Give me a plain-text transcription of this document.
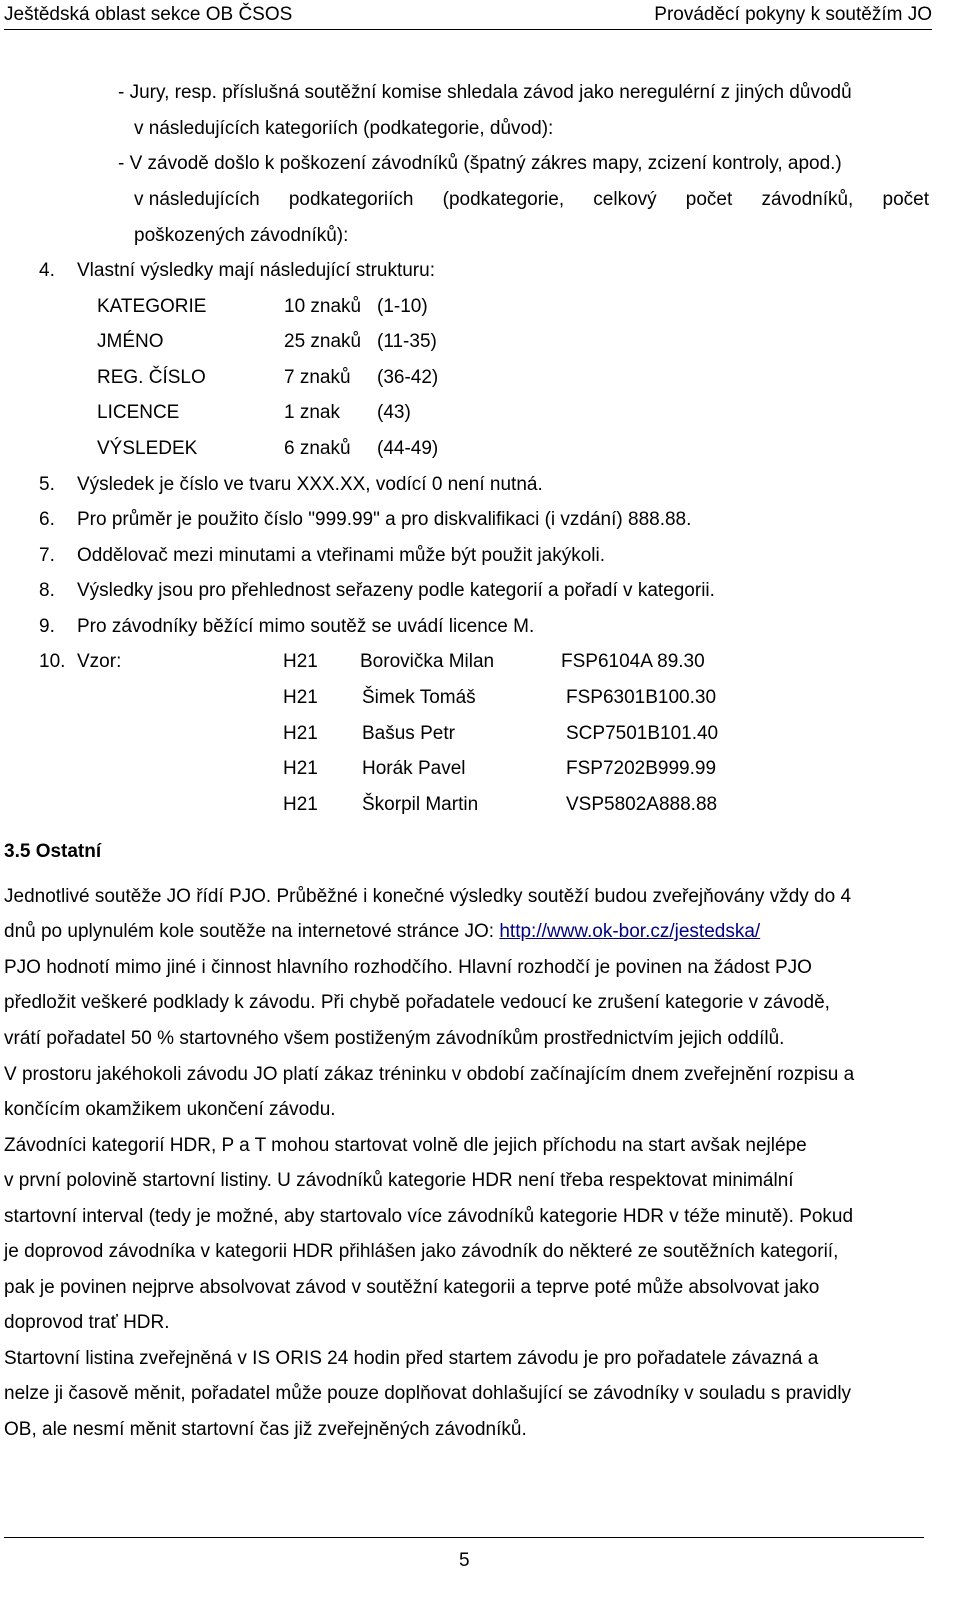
Ještědská oblast sekce OB ČSOS	Prováděcí pokyny k soutěžím JO
- Jury, resp. příslušná soutěžní komise shledala závod jako neregulérní z jiných důvodů
v následujících kategoriích (podkategorie, důvod):
- V závodě došlo k poškození závodníků (špatný zákres mapy, zcizení kontroly, apod.)
v následujících podkategoriích (podkategorie, celkový počet závodníků, počet
poškozených závodníků):
4. Vlastní výsledky mají následující strukturu:
KATEGORIE	10 znaků (1-10)
JMÉNO	25 znaků (11-35)
REG. ČÍSLO	7 znaků (36-42)
LICENCE	1 znak (43)
VÝSLEDEK	6 znaků (44-49)
5. Výsledek je číslo ve tvaru XXX.XX, vodící 0 není nutná.
6. Pro průměr je použito číslo "999.99" a pro diskvalifikaci (i vzdání) 888.88.
7. Oddělovač mezi minutami a vteřinami může být použit jakýkoli.
8. Výsledky jsou pro přehlednost seřazeny podle kategorií a pořadí v kategorii.
9. Pro závodníky běžící mimo soutěž se uvádí licence M.
10. Vzor:	H21 Borovička Milan	FSP6104A 89.30
H21 Šimek Tomáš	FSP6301B100.30
H21 Bašus Petr	SCP7501B101.40
H21 Horák Pavel	FSP7202B999.99
H21 Škorpil Martin	VSP5802A888.88
3.5 Ostatní
Jednotlivé soutěže JO řídí PJO. Průběžné i konečné výsledky soutěží budou zveřejňovány vždy do 4
dnů po uplynulém kole soutěže na internetové stránce JO: http://www.ok-bor.cz/jestedska/
PJO hodnotí mimo jiné i činnost hlavního rozhodčího. Hlavní rozhodčí je povinen na žádost PJO
předložit veškeré podklady k závodu. Při chybě pořadatele vedoucí ke zrušení kategorie v závodě,
vrátí pořadatel 50 % startovného všem postiženým závodníkům prostřednictvím jejich oddílů.
V prostoru jakéhokoli závodu JO platí zákaz tréninku v období začínajícím dnem zveřejnění rozpisu a
končícím okamžikem ukončení závodu.
Závodníci kategorií HDR, P a T mohou startovat volně dle jejich příchodu na start avšak nejlépe
v první polovině startovní listiny. U závodníků kategorie HDR není třeba respektovat minimální
startovní interval (tedy je možné, aby startovalo více závodníků kategorie HDR v téže minutě). Pokud
je doprovod závodníka v kategorii HDR přihlášen jako závodník do některé ze soutěžních kategorií,
pak je povinen nejprve absolvovat závod v soutěžní kategorii a teprve poté může absolvovat jako
doprovod trať HDR.
Startovní listina zveřejněná v IS ORIS 24 hodin před startem závodu je pro pořadatele závazná a
nelze ji časově měnit, pořadatel může pouze doplňovat dohlašující se závodníky v souladu s pravidly
OB, ale nesmí měnit startovní čas již zveřejněných závodníků.
5
